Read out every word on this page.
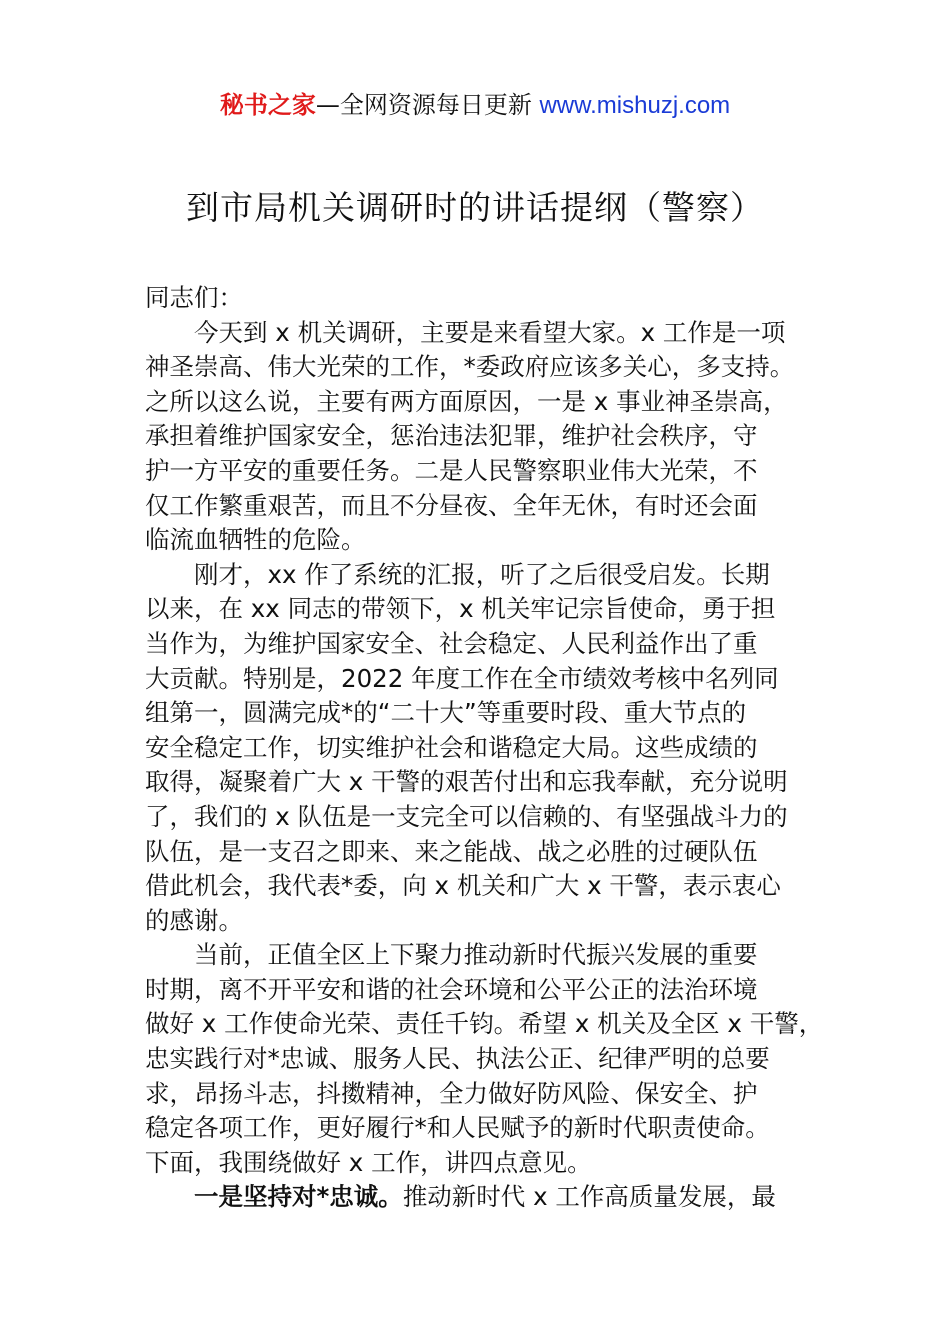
秘书之家—全网资源每日更新 www.mishuzj.com
到市局机关调研时的讲话提纲（警察）
同志们：
今天到 x 机关调研，主要是来看望大家。x 工作是一项
神圣崇高、伟大光荣的工作，*委政府应该多关心，多支持。
之所以这么说，主要有两方面原因，一是 x 事业神圣崇高，
承担着维护国家安全，惩治违法犯罪，维护社会秩序，守
护一方平安的重要任务。二是人民警察职业伟大光荣，不
仅工作繁重艰苦，而且不分昼夜、全年无休，有时还会面
临流血牺牲的危险。
刚才，xx 作了系统的汇报，听了之后很受启发。长期
以来，在 xx 同志的带领下，x 机关牢记宗旨使命，勇于担
当作为，为维护国家安全、社会稳定、人民利益作出了重
大贡献。特别是，2022 年度工作在全市绩效考核中名列同
组第一，圆满完成*的“二十大”等重要时段、重大节点的
安全稳定工作，切实维护社会和谐稳定大局。这些成绩的
取得，凝聚着广大 x 干警的艰苦付出和忘我奉献，充分说明
了，我们的 x 队伍是一支完全可以信赖的、有坚强战斗力的
队伍，是一支召之即来、来之能战、战之必胜的过硬队伍
借此机会，我代表*委，向 x 机关和广大 x 干警，表示衷心
的感谢。
当前，正值全区上下聚力推动新时代振兴发展的重要
时期，离不开平安和谐的社会环境和公平公正的法治环境
做好 x 工作使命光荣、责任千钧。希望 x 机关及全区 x 干警，
忠实践行对*忠诚、服务人民、执法公正、纪律严明的总要
求，昂扬斗志，抖擞精神，全力做好防风险、保安全、护
稳定各项工作，更好履行*和人民赋予的新时代职责使命。
下面，我围绕做好 x 工作，讲四点意见。
一是坚持对*忠诚。推动新时代 x 工作高质量发展，最
